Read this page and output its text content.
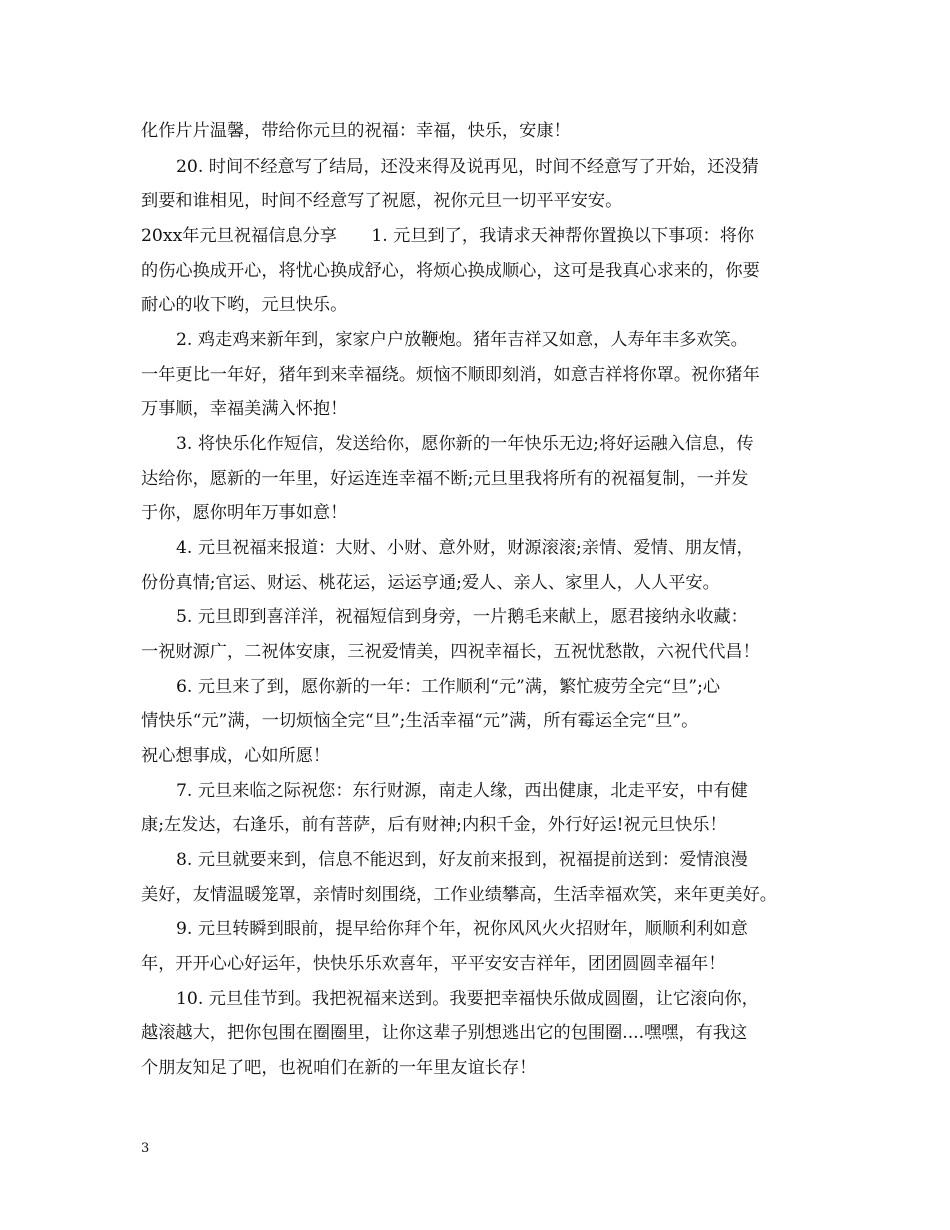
化作片片温馨，带给你元旦的祝福：幸福，快乐，安康！
20. 时间不经意写了结局，还没来得及说再见，时间不经意写了开始，还没猜
到要和谁相见，时间不经意写了祝愿，祝你元旦一切平平安安。
20xx年元旦祝福信息分享　　1. 元旦到了，我请求天神帮你置换以下事项：将你
的伤心换成开心，将忧心换成舒心，将烦心换成顺心，这可是我真心求来的，你要
耐心的收下哟，元旦快乐。
2. 鸡走鸡来新年到，家家户户放鞭炮。猪年吉祥又如意，人寿年丰多欢笑。
一年更比一年好，猪年到来幸福绕。烦恼不顺即刻消，如意吉祥将你罩。祝你猪年
万事顺，幸福美满入怀抱！
3. 将快乐化作短信，发送给你，愿你新的一年快乐无边;将好运融入信息，传
达给你，愿新的一年里，好运连连幸福不断;元旦里我将所有的祝福复制，一并发
于你，愿你明年万事如意！
4. 元旦祝福来报道：大财、小财、意外财，财源滚滚;亲情、爱情、朋友情，
份份真情;官运、财运、桃花运，运运亨通;爱人、亲人、家里人，人人平安。
5. 元旦即到喜洋洋，祝福短信到身旁，一片鹅毛来献上，愿君接纳永收藏：
一祝财源广，二祝体安康，三祝爱情美，四祝幸福长，五祝忧愁散，六祝代代昌！
6. 元旦来了到，愿你新的一年：工作顺利“元”满，繁忙疲劳全完“旦”;心
情快乐“元”满，一切烦恼全完“旦”;生活幸福“元”满，所有霉运全完“旦”。
祝心想事成，心如所愿！
7. 元旦来临之际祝您：东行财源，南走人缘，西出健康，北走平安，中有健
康;左发达，右逢乐，前有菩萨，后有财神;内积千金，外行好运!祝元旦快乐！
8. 元旦就要来到，信息不能迟到，好友前来报到，祝福提前送到：爱情浪漫
美好，友情温暖笼罩，亲情时刻围绕，工作业绩攀高，生活幸福欢笑，来年更美好。
9. 元旦转瞬到眼前，提早给你拜个年，祝你风风火火招财年，顺顺利利如意
年，开开心心好运年，快快乐乐欢喜年，平平安安吉祥年，团团圆圆幸福年！
10. 元旦佳节到。我把祝福来送到。我要把幸福快乐做成圆圈，让它滚向你，
越滚越大，把你包围在圈圈里，让你这辈子别想逃出它的包围圈....嘿嘿，有我这
个朋友知足了吧，也祝咱们在新的一年里友谊长存！
3
